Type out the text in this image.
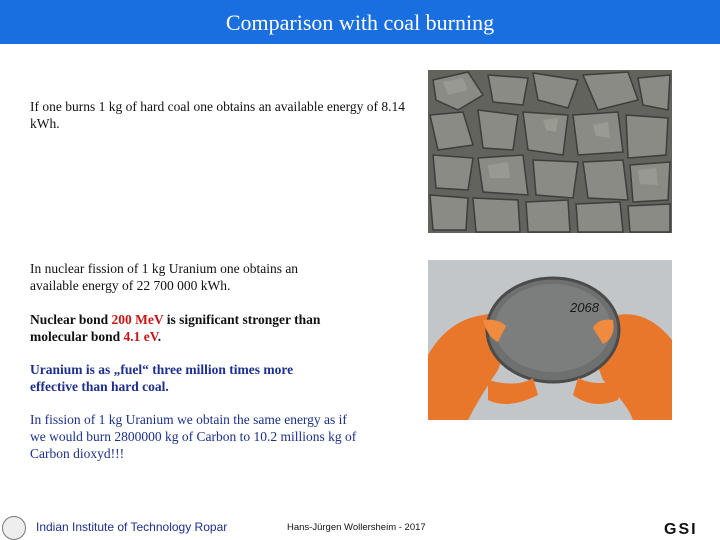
Comparison with coal burning
If one burns 1 kg of hard coal one obtains an available energy of 8.14 kWh.
In nuclear fission of 1 kg Uranium one obtains an available energy of 22 700 000 kWh.
Nuclear bond 200 MeV is significant stronger than molecular bond 4.1 eV.
Uranium is as „fuel“ three million times more effective than hard coal.
In fission of 1 kg Uranium we obtain the same energy as if we would burn 2800000 kg of Carbon to 10.2 millions kg of Carbon dioxyd!!!
2068
Indian Institute of Technology Ropar	Hans-Jürgen Wollersheim - 2017	GSI
